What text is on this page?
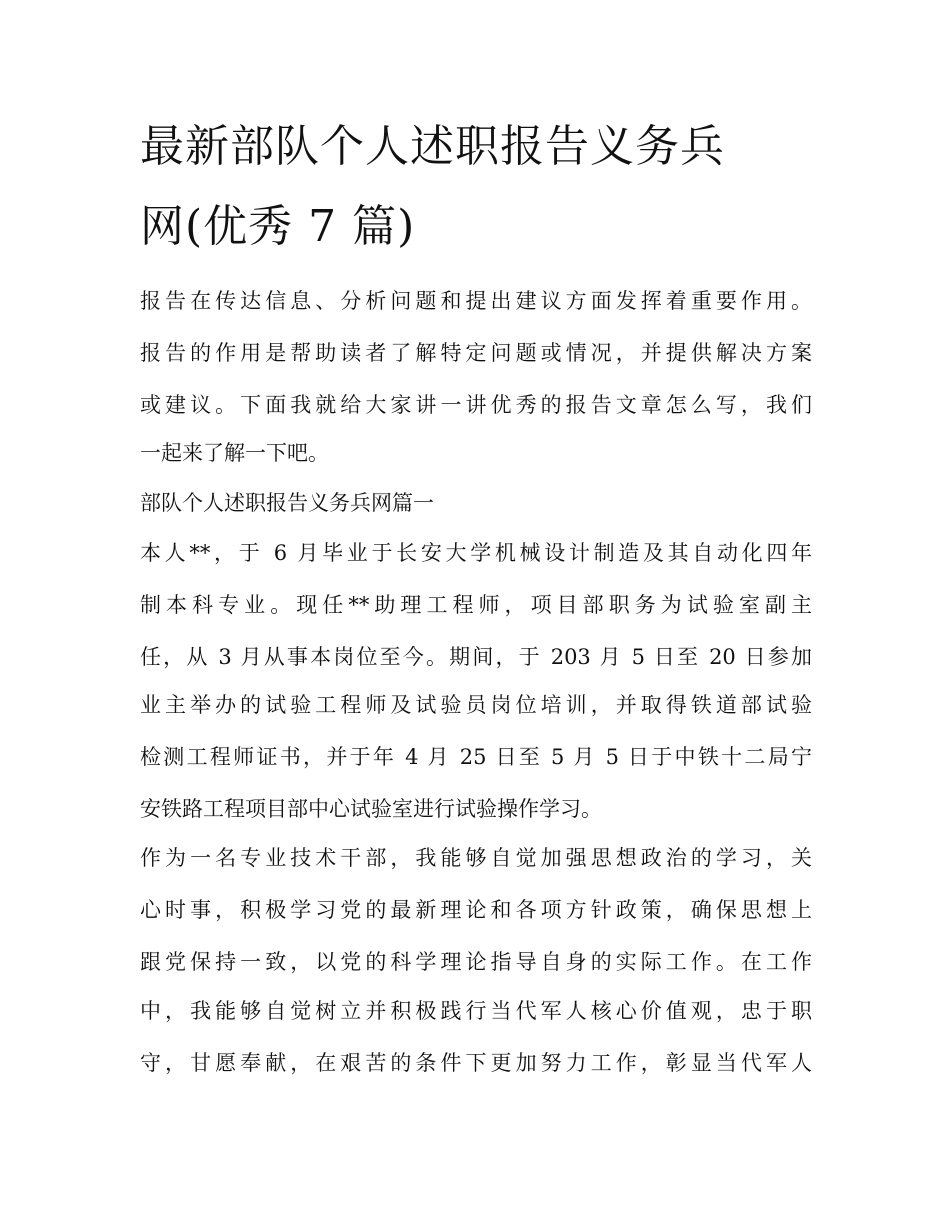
最新部队个人述职报告义务兵
网(优秀 7 篇)
报告在传达信息、分析问题和提出建议方面发挥着重要作用。
报告的作用是帮助读者了解特定问题或情况，并提供解决方案
或建议。下面我就给大家讲一讲优秀的报告文章怎么写，我们
一起来了解一下吧。
部队个人述职报告义务兵网篇一
本人**，于 6 月毕业于长安大学机械设计制造及其自动化四年
制本科专业。现任**助理工程师，项目部职务为试验室副主
任，从 3 月从事本岗位至今。期间，于 203 月 5 日至 20 日参加
业主举办的试验工程师及试验员岗位培训，并取得铁道部试验
检测工程师证书，并于年 4 月 25 日至 5 月 5 日于中铁十二局宁
安铁路工程项目部中心试验室进行试验操作学习。
作为一名专业技术干部，我能够自觉加强思想政治的学习，关
心时事，积极学习党的最新理论和各项方针政策，确保思想上
跟党保持一致，以党的科学理论指导自身的实际工作。在工作
中，我能够自觉树立并积极践行当代军人核心价值观，忠于职
守，甘愿奉献，在艰苦的条件下更加努力工作，彰显当代军人
